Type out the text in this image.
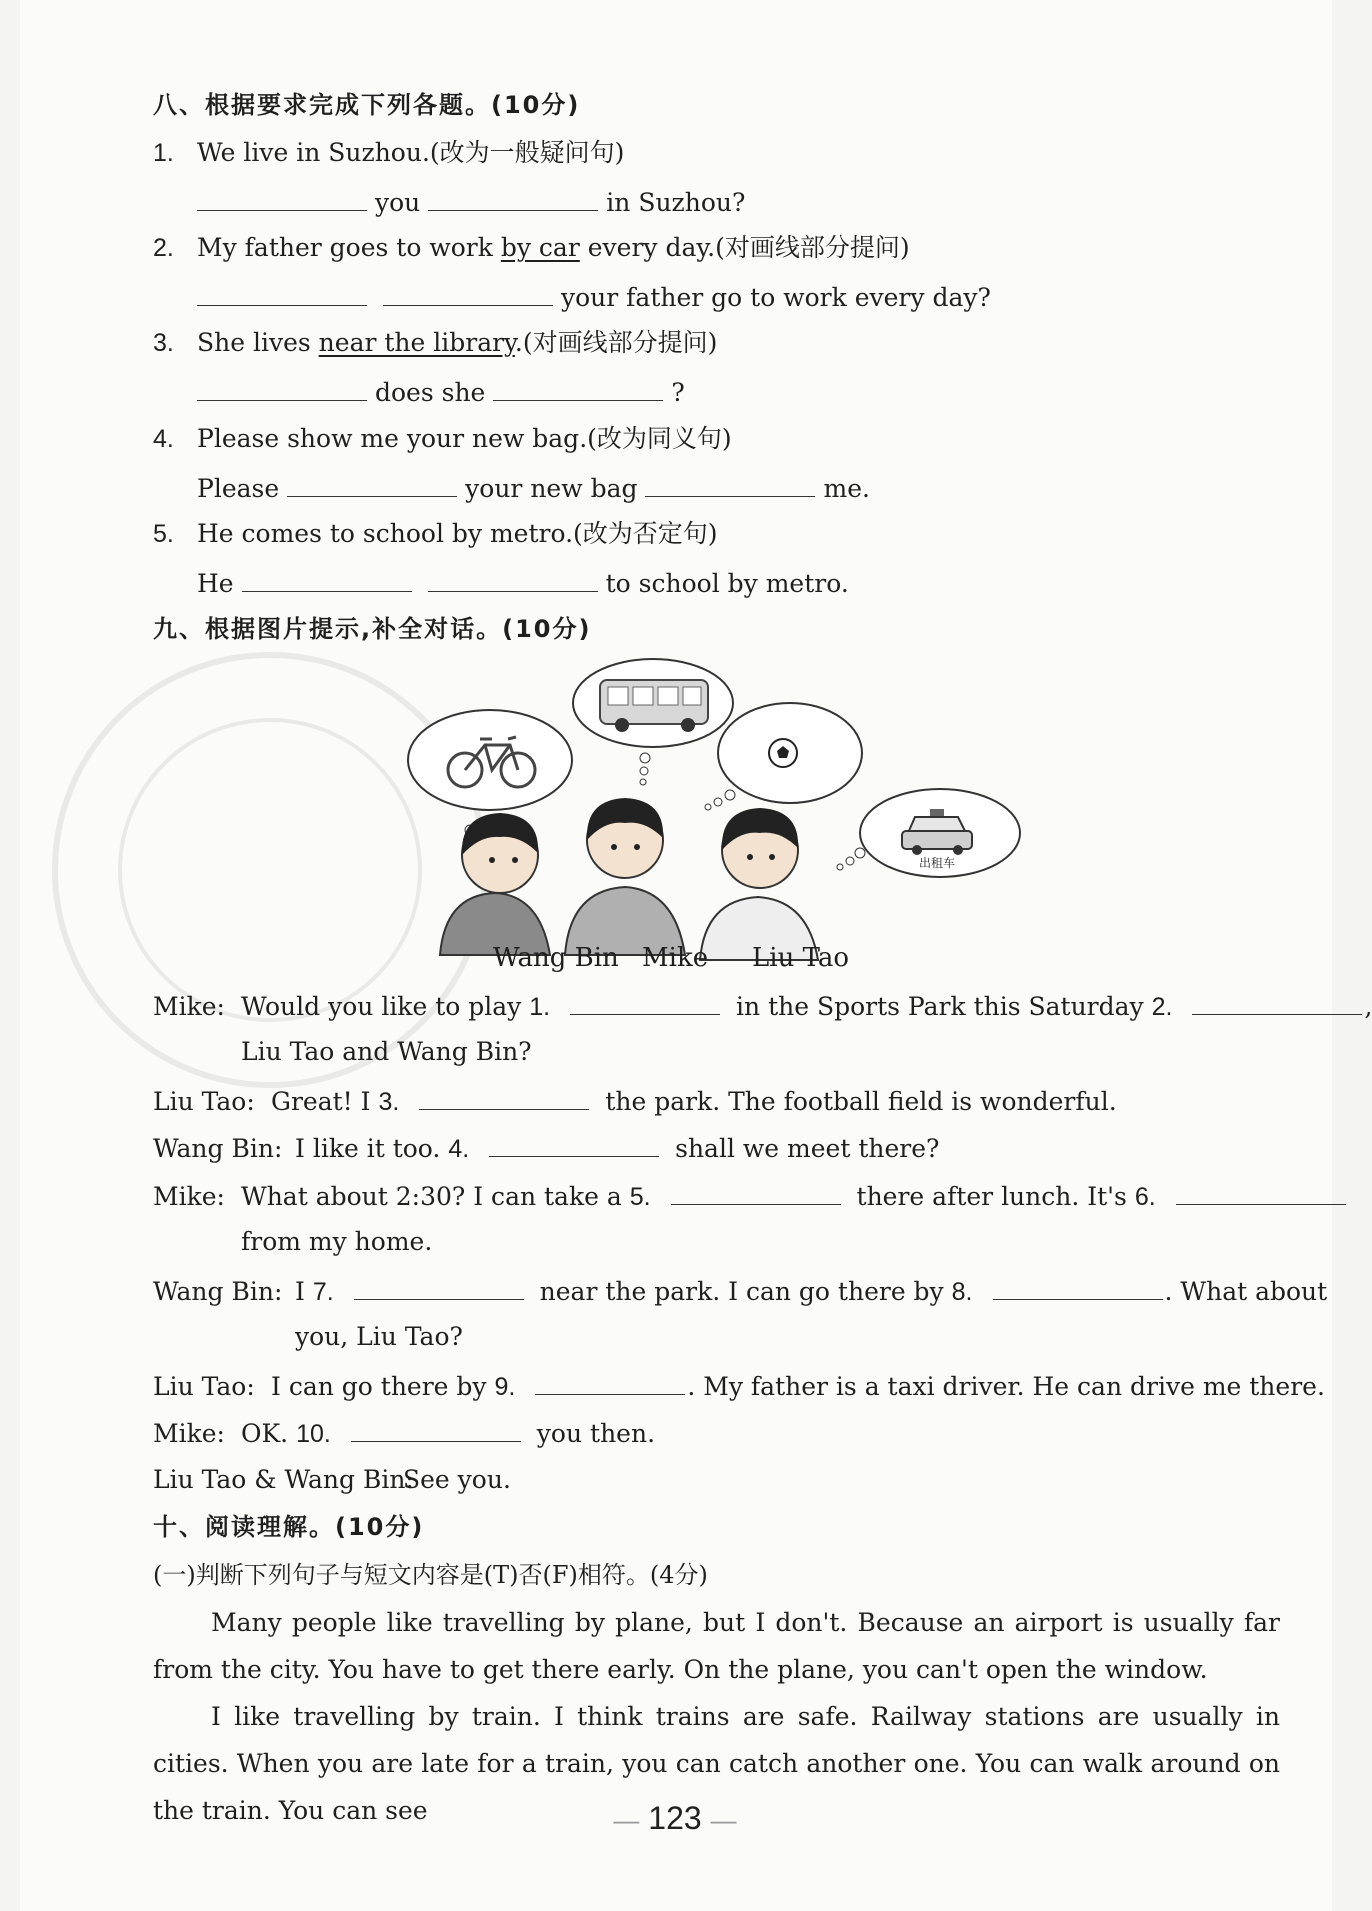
八、根据要求完成下列各题。(10分)
1. We live in Suzhou.(改为一般疑问句)
you	in Suzhou?
2. My father goes to work by car every day.(对画线部分提问)
your father go to work every day?
3. She lives near the library.(对画线部分提问)
does she	?
4. Please show me your new bag.(改为同义句)
Please	your new bag	me.
5. He comes to school by metro.(改为否定句)
He	to school by metro.
九、根据图片提示,补全对话。(10分)
出租车
Wang Bin Mike Liu Tao
Mike: Would you like to play 1.	in the Sports Park this Saturday 2.	,
Liu Tao and Wang Bin?
Liu Tao: Great! I 3.	the park. The football field is wonderful.
Wang Bin: I like it too. 4.	shall we meet there?
Mike: What about 2:30? I can take a 5.	there after lunch. It's 6.
from my home.
Wang Bin: I 7.	near the park. I can go there by 8.	. What about
you, Liu Tao?
Liu Tao: I can go there by 9.	. My father is a taxi driver. He can drive me there.
Mike: OK. 10.	you then.
Liu Tao & Wang Bin:See you.
十、阅读理解。(10分)
(一)判断下列句子与短文内容是(T)否(F)相符。(4分)
Many people like travelling by plane, but I don't. Because an airport is usually far from the city. You have to get there early. On the plane, you can't open the window.
I like travelling by train. I think trains are safe. Railway stations are usually in cities. When you are late for a train, you can catch another one. You can walk around on the train. You can see	— 123 —
